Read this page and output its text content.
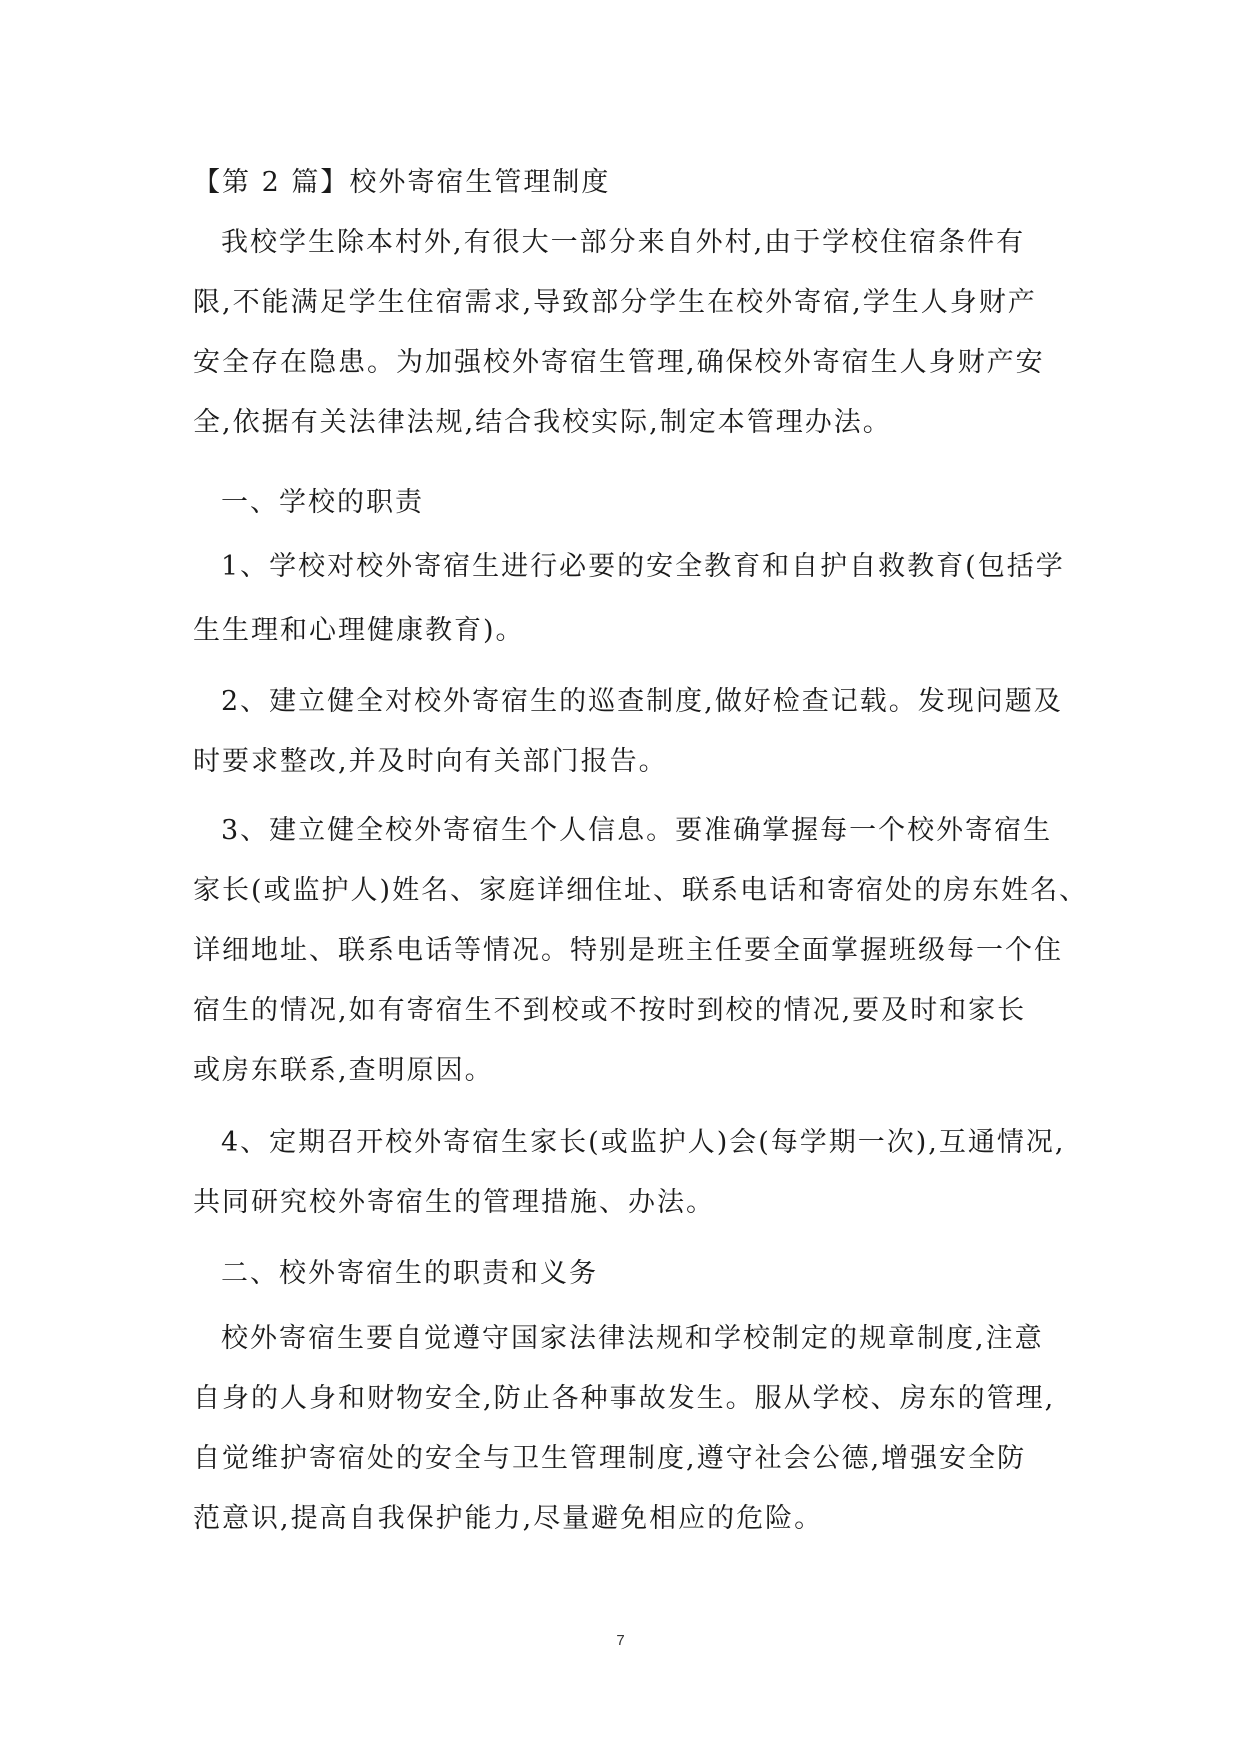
【第 2 篇】校外寄宿生管理制度
我校学生除本村外,有很大一部分来自外村,由于学校住宿条件有
限,不能满足学生住宿需求,导致部分学生在校外寄宿,学生人身财产
安全存在隐患。为加强校外寄宿生管理,确保校外寄宿生人身财产安
全,依据有关法律法规,结合我校实际,制定本管理办法。
一、学校的职责
1、学校对校外寄宿生进行必要的安全教育和自护自救教育(包括学
生生理和心理健康教育)。
2、建立健全对校外寄宿生的巡查制度,做好检查记载。发现问题及
时要求整改,并及时向有关部门报告。
3、建立健全校外寄宿生个人信息。要准确掌握每一个校外寄宿生
家长(或监护人)姓名、家庭详细住址、联系电话和寄宿处的房东姓名、
详细地址、联系电话等情况。特别是班主任要全面掌握班级每一个住
宿生的情况,如有寄宿生不到校或不按时到校的情况,要及时和家长
或房东联系,查明原因。
4、定期召开校外寄宿生家长(或监护人)会(每学期一次),互通情况,
共同研究校外寄宿生的管理措施、办法。
二、校外寄宿生的职责和义务
校外寄宿生要自觉遵守国家法律法规和学校制定的规章制度,注意
自身的人身和财物安全,防止各种事故发生。服从学校、房东的管理,
自觉维护寄宿处的安全与卫生管理制度,遵守社会公德,增强安全防
范意识,提高自我保护能力,尽量避免相应的危险。
7
